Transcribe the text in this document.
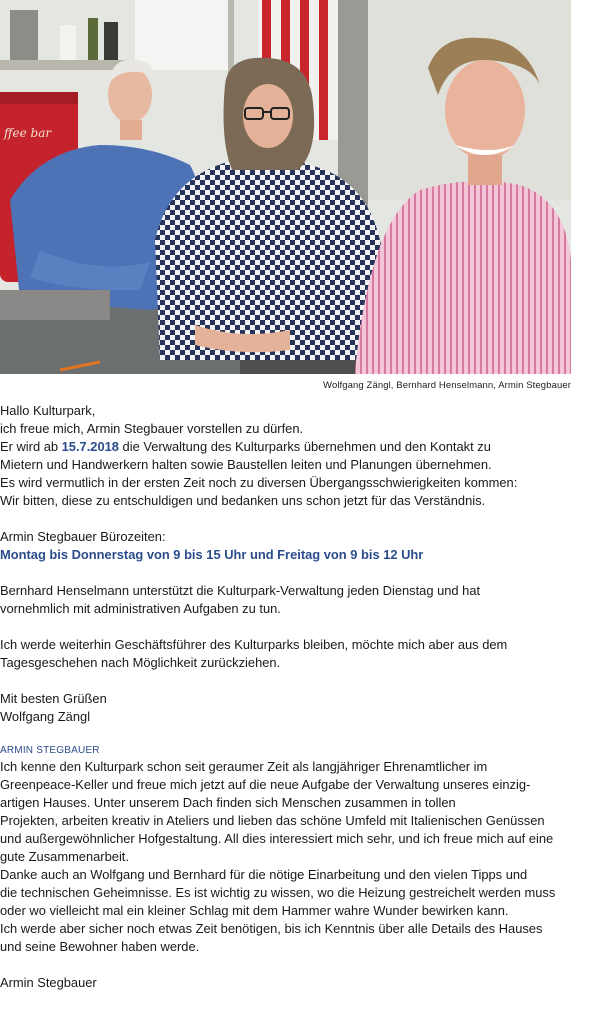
ffee bar
Wolfgang Zängl, Bernhard Henselmann, Armin Stegbauer

Hallo Kulturpark,

ich freue mich, Armin Stegbauer vorstellen zu dürfen.

Er wird ab 15.7.2018 die Verwaltung des Kulturparks übernehmen und den Kontakt zu

Mietern und Handwerkern halten sowie Baustellen leiten und Planungen übernehmen.

Es wird vermutlich in der ersten Zeit noch zu diversen Übergangsschwierigkeiten kommen:

Wir bitten, diese zu entschuldigen und bedanken uns schon jetzt für das Verständnis.

Armin Stegbauer Bürozeiten:

Montag bis Donnerstag von 9 bis 15 Uhr und Freitag von 9 bis 12 Uhr

Bernhard Henselmann unterstützt die Kulturpark-Verwaltung jeden Dienstag und hat

vornehmlich mit administrativen Aufgaben zu tun.

Ich werde weiterhin Geschäftsführer des Kulturparks bleiben, möchte mich aber aus dem

Tagesgeschehen nach Möglichkeit zurückziehen.

Mit besten Grüßen

Wolfgang Zängl

ARMIN STEGBAUER

Ich kenne den Kulturpark schon seit geraumer Zeit als langjähriger Ehrenamtlicher im

Greenpeace-Keller und freue mich jetzt auf die neue Aufgabe der Verwaltung unseres einzig-

artigen Hauses. Unter unserem Dach finden sich Menschen zusammen in tollen

Projekten, arbeiten kreativ in Ateliers und lieben das schöne Umfeld mit Italienischen Genüssen

und außergewöhnlicher Hofgestaltung. All dies interessiert mich sehr, und ich freue mich auf eine

gute Zusammenarbeit.

Danke auch an Wolfgang und Bernhard für die nötige Einarbeitung und den vielen Tipps und

die technischen Geheimnisse. Es ist wichtig zu wissen, wo die Heizung gestreichelt werden muss

oder wo vielleicht mal ein kleiner Schlag mit dem Hammer wahre Wunder bewirken kann.

Ich werde aber sicher noch etwas Zeit benötigen, bis ich Kenntnis über alle Details des Hauses

und seine Bewohner haben werde.

Armin Stegbauer
